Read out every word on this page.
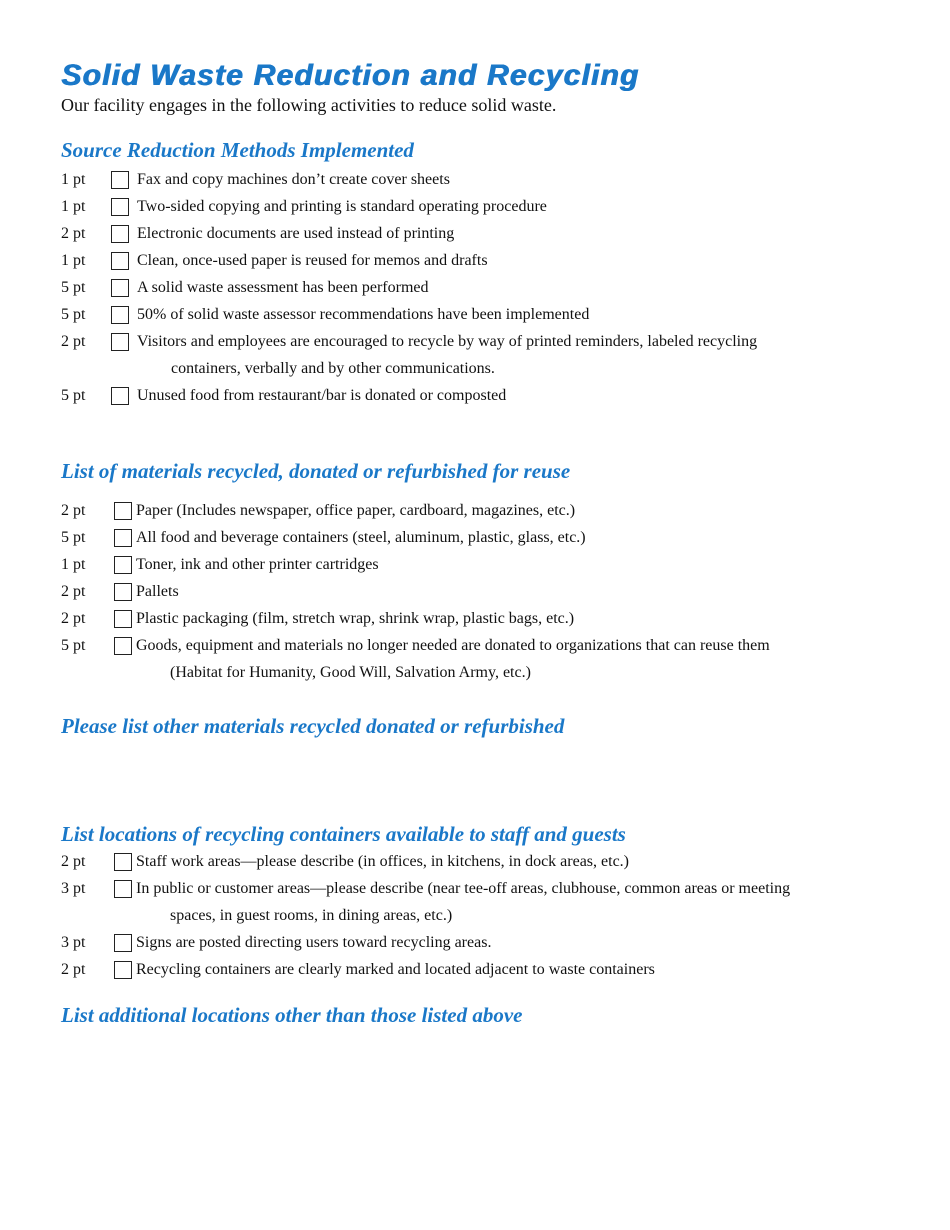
Solid Waste Reduction and Recycling

Our facility engages in the following activities to reduce solid waste.

Source Reduction Methods Implemented
1 pt	Fax and copy machines don’t create cover sheets
1 pt	Two-sided copying and printing is standard operating procedure
2 pt	Electronic documents are used instead of printing
1 pt	Clean, once-used paper is reused for memos and drafts
5 pt	A solid waste assessment has been performed
5 pt	50% of solid waste assessor recommendations have been implemented
2 pt	Visitors and employees are encouraged to recycle by way of printed reminders, labeled recycling
containers, verbally and by other communications.
5 pt	Unused food from restaurant/bar is donated or composted
List of materials recycled, donated or refurbished for reuse
2 pt	Paper (Includes newspaper, office paper, cardboard, magazines, etc.)
5 pt	All food and beverage containers (steel, aluminum, plastic, glass, etc.)
1 pt	Toner, ink and other printer cartridges
2 pt	Pallets
2 pt	Plastic packaging (film, stretch wrap, shrink wrap, plastic bags, etc.)
5 pt	Goods, equipment and materials no longer needed are donated to organizations that can reuse them
(Habitat for Humanity, Good Will, Salvation Army, etc.)
Please list other materials recycled donated or refurbished
List locations of recycling containers available to staff and guests
2 pt	Staff work areas—please describe (in offices, in kitchens, in dock areas, etc.)
3 pt	In public or customer areas—please describe (near tee-off areas, clubhouse, common areas or meeting
spaces, in guest rooms, in dining areas, etc.)
3 pt	Signs are posted directing users toward recycling areas.
2 pt	Recycling containers are clearly marked and located adjacent to waste containers
List additional locations other than those listed above
